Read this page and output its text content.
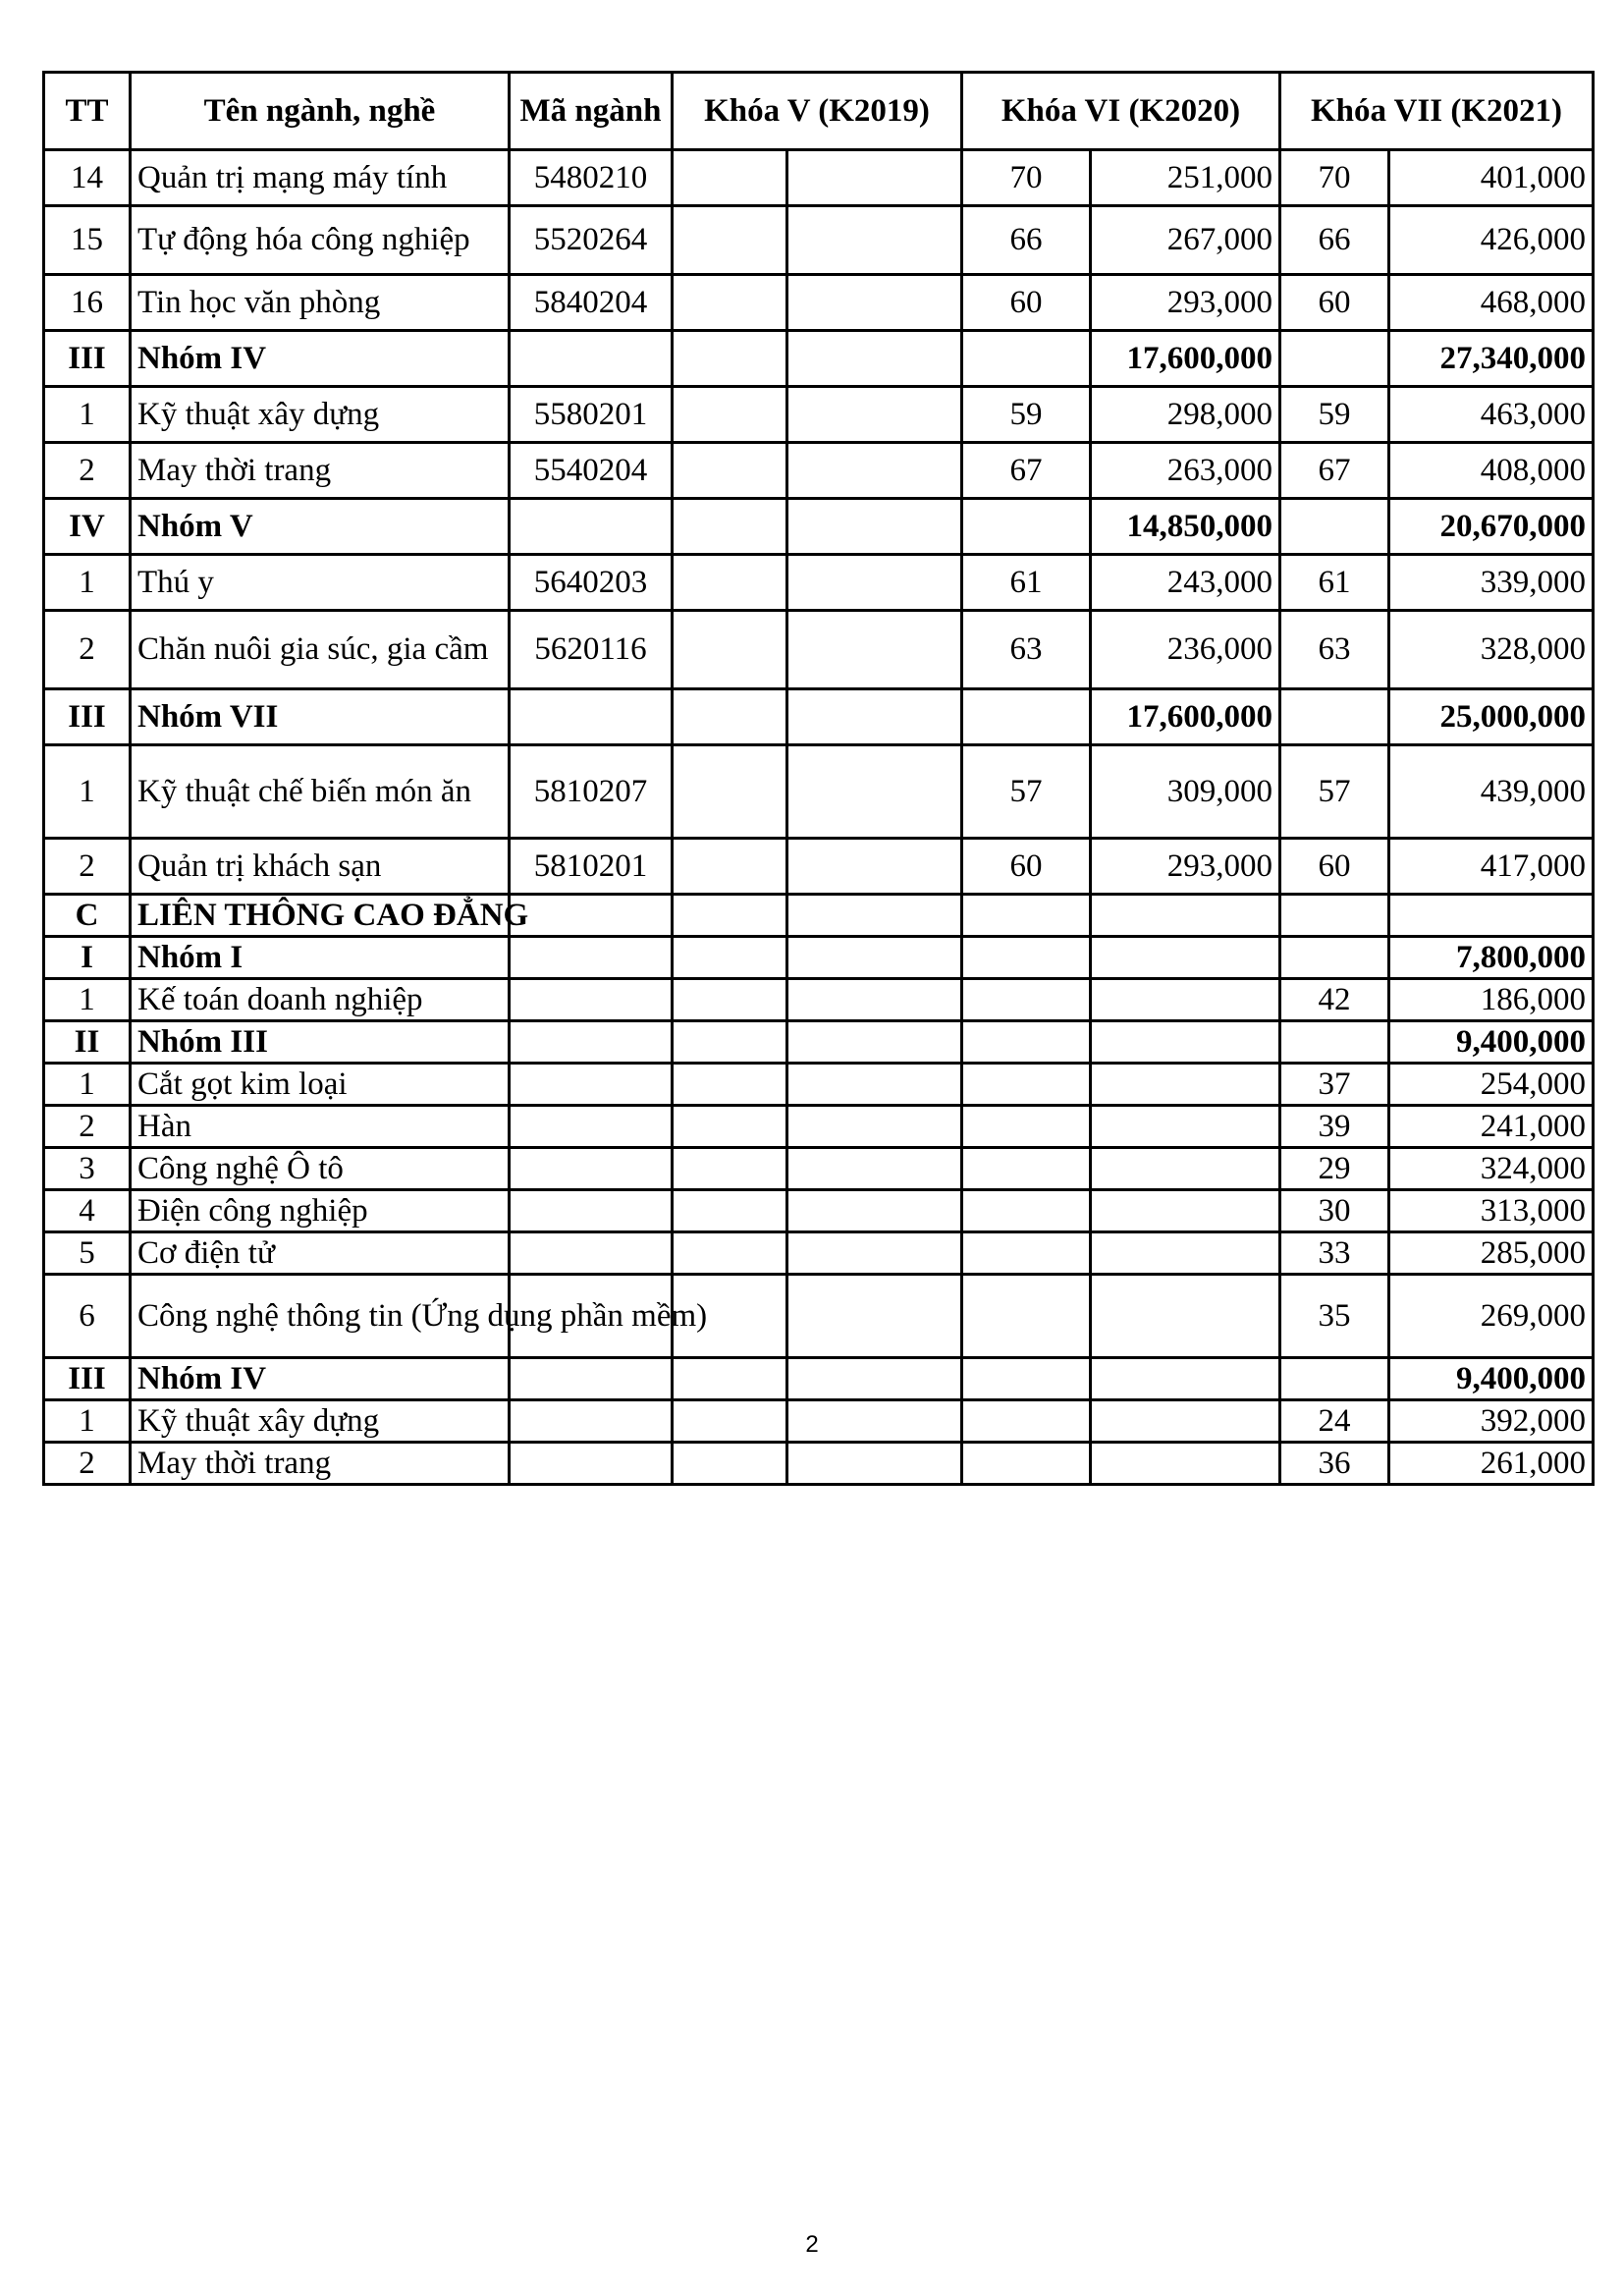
TT	Tên ngành, nghề	Mã ngành	Khóa V (K2019)		Khóa VI (K2020)		Khóa VII (K2021)	
14	Quản trị mạng máy tính	5480210			70	251,000	70	401,000
15	Tự động hóa công nghiệp	5520264			66	267,000	66	426,000
16	Tin học văn phòng	5840204			60	293,000	60	468,000
III	Nhóm IV					17,600,000		27,340,000
1	Kỹ thuật xây dựng	5580201			59	298,000	59	463,000
2	May thời trang	5540204			67	263,000	67	408,000
IV	Nhóm V					14,850,000		20,670,000
1	Thú y	5640203			61	243,000	61	339,000
2	Chăn nuôi gia súc, gia cầm	5620116			63	236,000	63	328,000
III	Nhóm VII					17,600,000		25,000,000
1	Kỹ thuật chế biến món ăn	5810207			57	309,000	57	439,000
2	Quản trị khách sạn	5810201			60	293,000	60	417,000
C	LIÊN THÔNG CAO ĐẲNG							
I	Nhóm I							7,800,000
1	Kế toán doanh nghiệp						42	186,000
II	Nhóm III							9,400,000
1	Cắt gọt kim loại						37	254,000
2	Hàn						39	241,000
3	Công nghệ Ô tô						29	324,000
4	Điện công nghiệp						30	313,000
5	Cơ điện tử						33	285,000
6	Công nghệ thông tin (Ứng dụng phần mềm)						35	269,000
III	Nhóm IV							9,400,000
1	Kỹ thuật xây dựng						24	392,000
2	May thời trang						36	261,000
2
